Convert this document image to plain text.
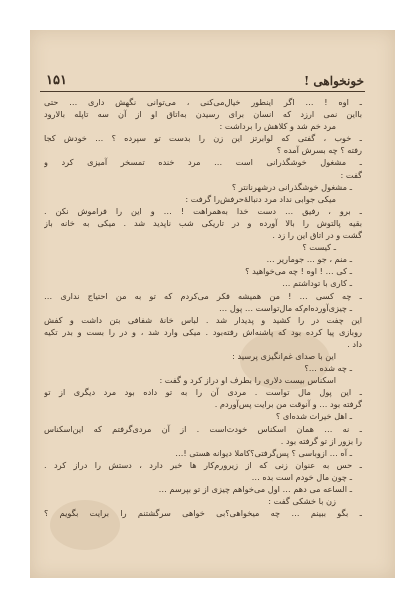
۱۵۱	خونخواهی !
ـ اوه ! … اگر اینطور خیال‌می‌کنی ، می‌توانی نگهش داری … حتی
با‌این نمی ارزد که انسان برای رسیدن به‌اتاق او از آن سه تاپله بالارود
مرد خم شد و کلاهش را برداشت :
ـ خوب ، گفتی که لوابرتز این زن را بدست تو سپرده ؟ … خودش کجا
رفته ؟ چه بسرش آمده ؟
ـ مشغول خوشگذرانی است … مرد خنده تمسخر آمیزی کرد و
گفت :
ـ مشغول خوشگذرانی درشهرنانتر ؟
میکی جوابی نداد مرد دنبالهٔ‌حرفش‌را گرفت :
ـ برو ، رفیق … دست خدا به‌همراهت ! … و این را فراموش نکن .
بقیه پالتوش را بالا آورده و در تاریکی شب ناپدید شد . میکی به خانه باز
گشت و در اتاق این را زد .
ـ کیست ؟
ـ منم ، جو … جوماریر …
ـ کی … ! اوه ! چه می‌خواهید ؟
ـ کاری با توداشتم …
ـ چه کسی … ! من همیشه فکر می‌کردم که تو به من احتیاج نداری …
ـ چیزی‌آورده‌ام‌که مال‌تواست … پول …
این چفت در را کشید و پدیدار شد . لباس خانهٔ شفافی بتن داشت و کفش
روبازی پیا کرده بود که پاشنه‌اش رفته‌بود . میکی وارد شد ، و در را بست و بدر تکیه
داد .
این با صدای غم‌انگیزی پرسید :
ـ چه شده …؟
اسکناس بیست دلاری را بطرف او دراز کرد و گفت :
ـ این پول مال تواست . مردی آن را به تو داده بود مرد دیگری از تو
گرفته بود … و آنوقت من برایت پس‌آوردم .
ـ اهل خیرات شده‌ای ؟
ـ نه … همان اسکناس خودت‌است . از آن مردی‌گرفتم که این‌اسکناس
را بزور از تو گرفته بود .
ـ آه … ازوباسی ؟ پس‌گرفتی؟کاملا دیوانه هستی !…
ـ حس به عنوان زنی که از زیرورم‌کار ها خبر دارد ، دستش را دراز کرد .
ـ چون مال خودم است بده …
ـ الساعه می دهم … اول می‌خواهم چیزی از تو بپرسم …
زن با خشکی گفت :
ـ بگو ببینم … چه میخواهی؟بی خواهی سرگشتنم را برایت بگویم ؟
